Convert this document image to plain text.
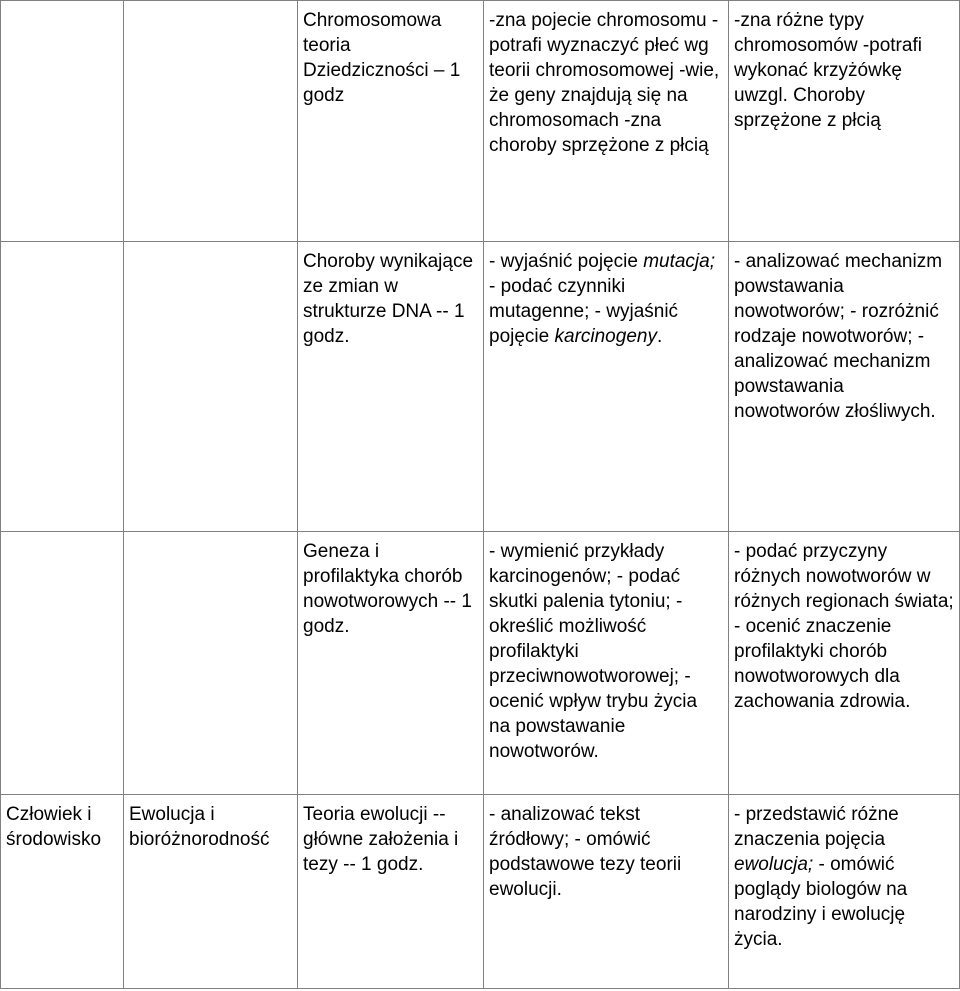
		Chromosomowa teoria Dziedziczności – 1 godz	-zna pojecie chromosomu -potrafi wyznaczyć płeć wg teorii chromosomowej -wie, że geny znajdują się na chromosomach -zna choroby sprzężone z płcią	-zna różne typy chromosomów -potrafi wykonać krzyżówkę uwzgl. Choroby sprzężone z płcią
		Choroby wynikające ze zmian w strukturze DNA -- 1 godz.	- wyjaśnić pojęcie mutacja; - podać czynniki mutagenne; - wyjaśnić pojęcie karcinogeny.	- analizować mechanizm powstawania nowotworów; - rozróżnić rodzaje nowotworów; - analizować mechanizm powstawania nowotworów złośliwych.
		Geneza i profilaktyka chorób nowotworowych -- 1 godz.	- wymienić przykłady karcinogenów; - podać skutki palenia tytoniu; - określić możliwość profilaktyki przeciwnowotworowej; - ocenić wpływ trybu życia na powstawanie nowotworów.	- podać przyczyny różnych nowotworów w różnych regionach świata; - ocenić znaczenie profilaktyki chorób nowotworowych dla zachowania zdrowia.
Człowiek i środowisko	Ewolucja i bioróżnorodność	Teoria ewolucji -- główne założenia i tezy -- 1 godz.	- analizować tekst źródłowy; - omówić podstawowe tezy teorii ewolucji.	- przedstawić różne znaczenia pojęcia ewolucja; - omówić poglądy biologów na narodziny i ewolucję życia.
